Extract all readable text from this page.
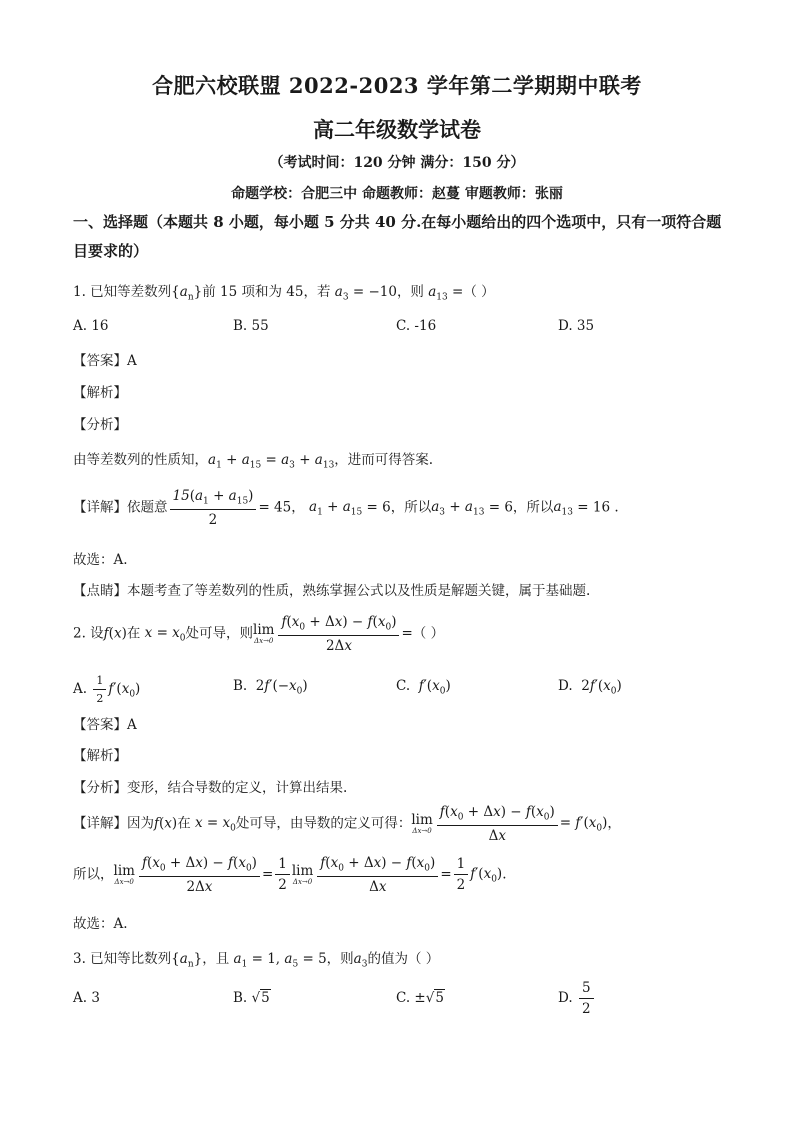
合肥六校联盟 2022-2023 学年第二学期期中联考
高二年级数学试卷
（考试时间：120 分钟 满分：150 分）
命题学校：合肥三中 命题教师：赵蔓 审题教师：张丽
一、选择题（本题共 8 小题，每小题 5 分共 40 分.在每小题给出的四个选项中，只有一项符合题目要求的）
1. 已知等差数列$\{a_n\}$前 15 项和为 45，若 $a_3 = -10$，则 $a_{13}$ =（ ）
A. 16	B. 55	C. -16	D. 35
【答案】A
【解析】
【分析】
由等差数列的性质知，$a_1 + a_{15} = a_3 + a_{13}$，进而可得答案.
【详解】依题意 $\frac{15(a_1 + a_{15})}{2} = 45$， $a_1 + a_{15} = 6$，所以$a_3 + a_{13} = 6$，所以$a_{13} = 16$ .
故选：A.
【点睛】本题考查了等差数列的性质，熟练掌握公式以及性质是解题关键，属于基础题.
2. 设f(x)在 $x = x_0$处可导，则 lim
$\Delta x\to 0 \frac{f(x_0 + \Delta x) - f(x_0)}{2\Delta x}$ =（ ）
A. $\frac{1}{2} f'(x_0)$	B.  $2f'(-x_0)$	C.  $f'(x_0)$	D.  $2f'(x_0)$
【答案】A
【解析】
【分析】变形，结合导数的定义，计算出结果.
【详解】因为f(x)在 $x = x_0$处可导，由导数的定义可得： lim
$\Delta x\to 0 \frac{f(x_0 + \Delta x) - f(x_0)}{\Delta x} = f'(x_0)$，
所以， lim
$\Delta x\to 0 \frac{f(x_0 + \Delta x) - f(x_0)}{2\Delta x} = \frac{1}{2}$ lim
$\Delta x\to 0 \frac{f(x_0 + \Delta x) - f(x_0)}{\Delta x} = \frac{1}{2} f'(x_0)$.
故选：A.
3. 已知等比数列$\{a_n\}$，且 $a_1 = 1$, $a_5 = 5$，则$a_3$的值为（ ）
A. 3	B. √5	C. ±√5	D. $\frac{5}{2}$
